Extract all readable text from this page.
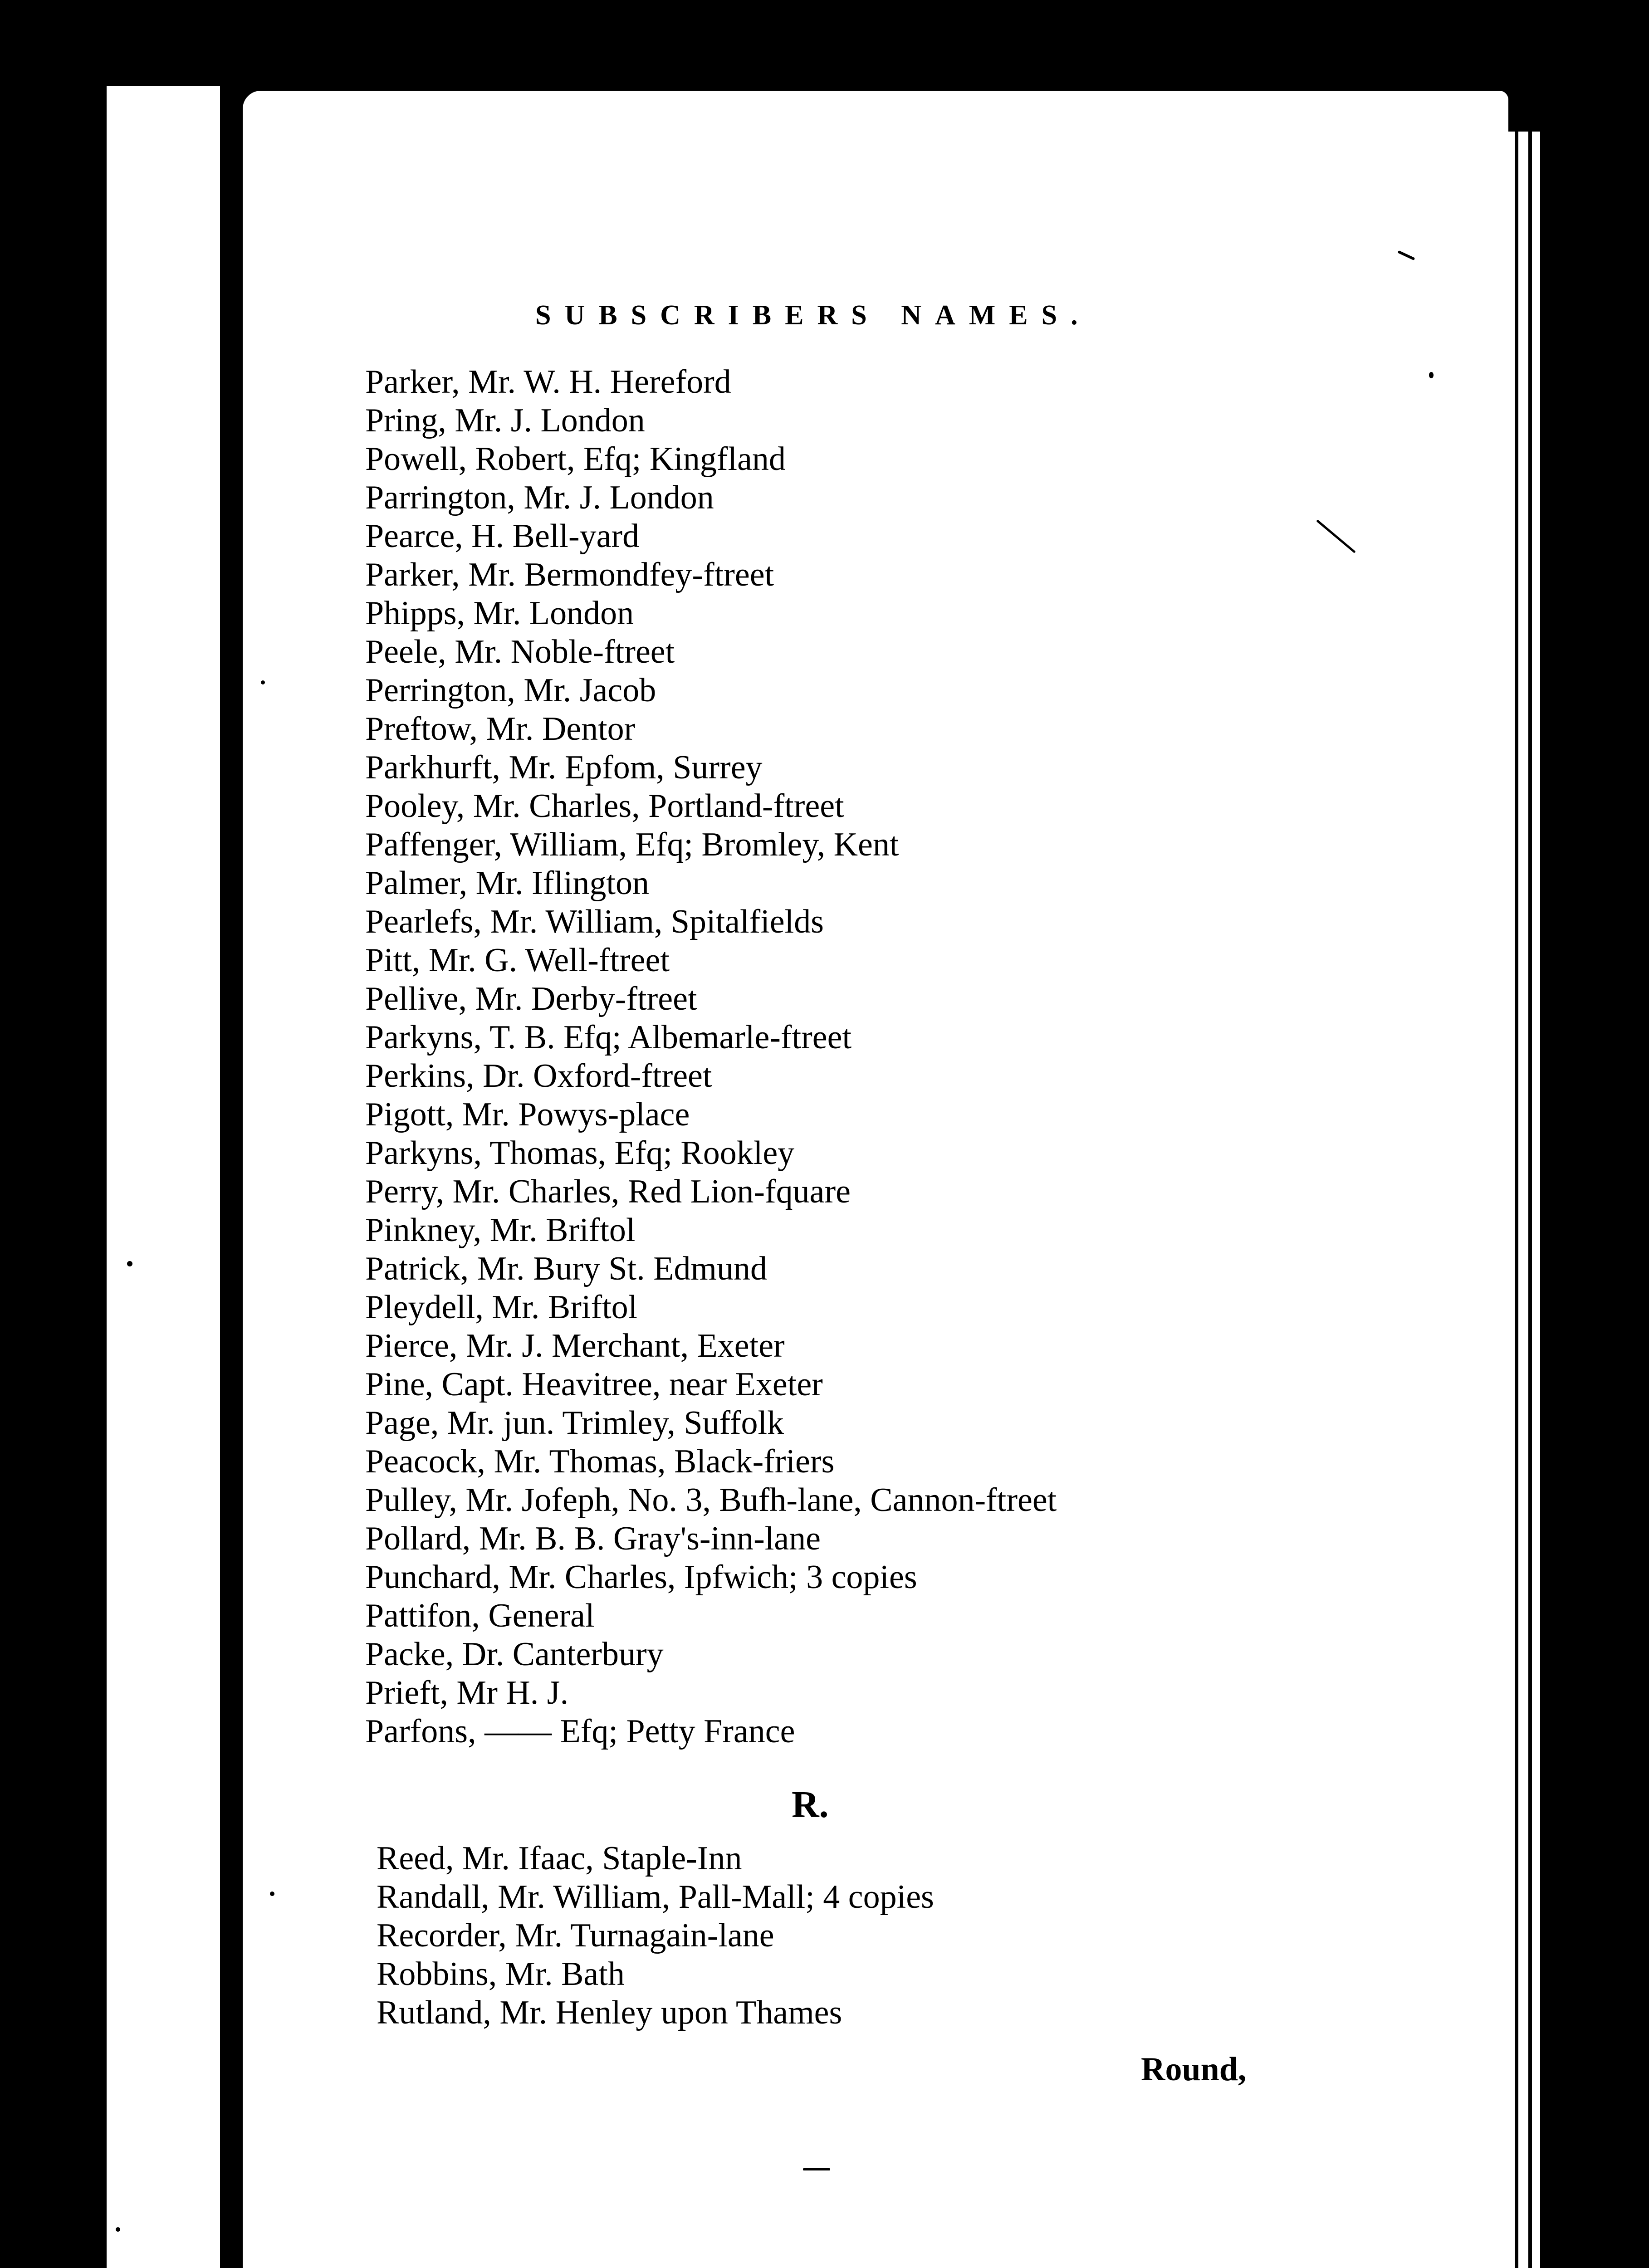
SUBSCRIBERS NAMES.
Parker, Mr. W. H. Hereford
Pring, Mr. J. London
Powell, Robert, Efq; Kingfland
Parrington, Mr. J. London
Pearce, H. Bell-yard
Parker, Mr. Bermondfey-ftreet
Phipps, Mr. London
Peele, Mr. Noble-ftreet
Perrington, Mr. Jacob
Preftow, Mr. Dentor
Parkhurft, Mr. Epfom, Surrey
Pooley, Mr. Charles, Portland-ftreet
Paffenger, William, Efq; Bromley, Kent
Palmer, Mr. Iflington
Pearlefs, Mr. William, Spitalfields
Pitt, Mr. G. Well-ftreet
Pellive, Mr. Derby-ftreet
Parkyns, T. B. Efq; Albemarle-ftreet
Perkins, Dr. Oxford-ftreet
Pigott, Mr. Powys-place
Parkyns, Thomas, Efq; Rookley
Perry, Mr. Charles, Red Lion-fquare
Pinkney, Mr. Briftol
Patrick, Mr. Bury St. Edmund
Pleydell, Mr. Briftol
Pierce, Mr. J. Merchant, Exeter
Pine, Capt. Heavitree, near Exeter
Page, Mr. jun. Trimley, Suffolk
Peacock, Mr. Thomas, Black-friers
Pulley, Mr. Jofeph, No. 3, Bufh-lane, Cannon-ftreet
Pollard, Mr. B. B. Gray's-inn-lane
Punchard, Mr. Charles, Ipfwich; 3 copies
Pattifon, General
Packe, Dr. Canterbury
Prieft, Mr H. J.
Parfons, —— Efq; Petty France
R.
Reed, Mr. Ifaac, Staple-Inn
Randall, Mr. William, Pall-Mall; 4 copies
Recorder, Mr. Turnagain-lane
Robbins, Mr. Bath
Rutland, Mr. Henley upon Thames
Round,
